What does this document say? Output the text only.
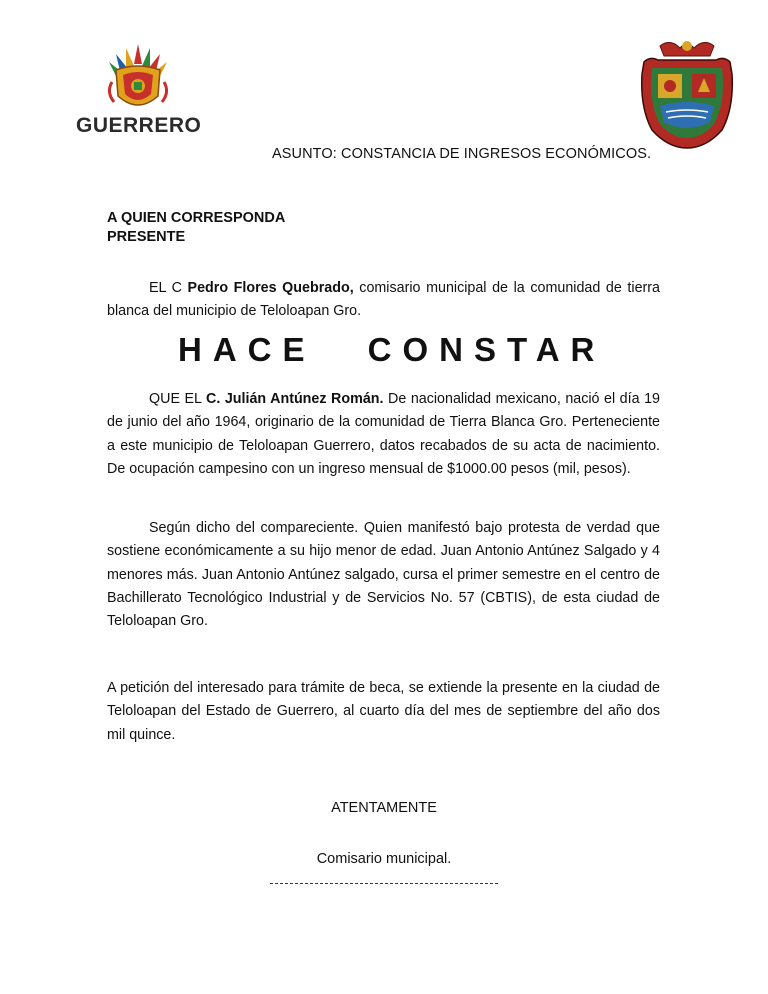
GUERRERO
ASUNTO: CONSTANCIA DE INGRESOS ECONÓMICOS.
A QUIEN CORRESPONDA
PRESENTE
EL C Pedro Flores Quebrado, comisario municipal de la comunidad de tierra blanca del municipio de Teloloapan Gro.
HACE CONSTAR
QUE EL C. Julián Antúnez Román. De nacionalidad mexicano, nació el día 19 de junio del año 1964, originario de la comunidad de Tierra Blanca Gro. Perteneciente a este municipio de Teloloapan Guerrero, datos recabados de su acta de nacimiento. De ocupación campesino con un ingreso mensual de $1000.00 pesos (mil, pesos).
Según dicho del compareciente. Quien manifestó bajo protesta de verdad que sostiene económicamente a su hijo menor de edad. Juan Antonio Antúnez Salgado y 4 menores más. Juan Antonio Antúnez salgado, cursa el primer semestre en el centro de Bachillerato Tecnológico Industrial y de Servicios No. 57 (CBTIS), de esta ciudad de Teloloapan Gro.
A petición del interesado para trámite de beca, se extiende la presente en la ciudad de Teloloapan del Estado de Guerrero, al cuarto día del mes de septiembre del año dos mil quince.
ATENTAMENTE
Comisario municipal.
